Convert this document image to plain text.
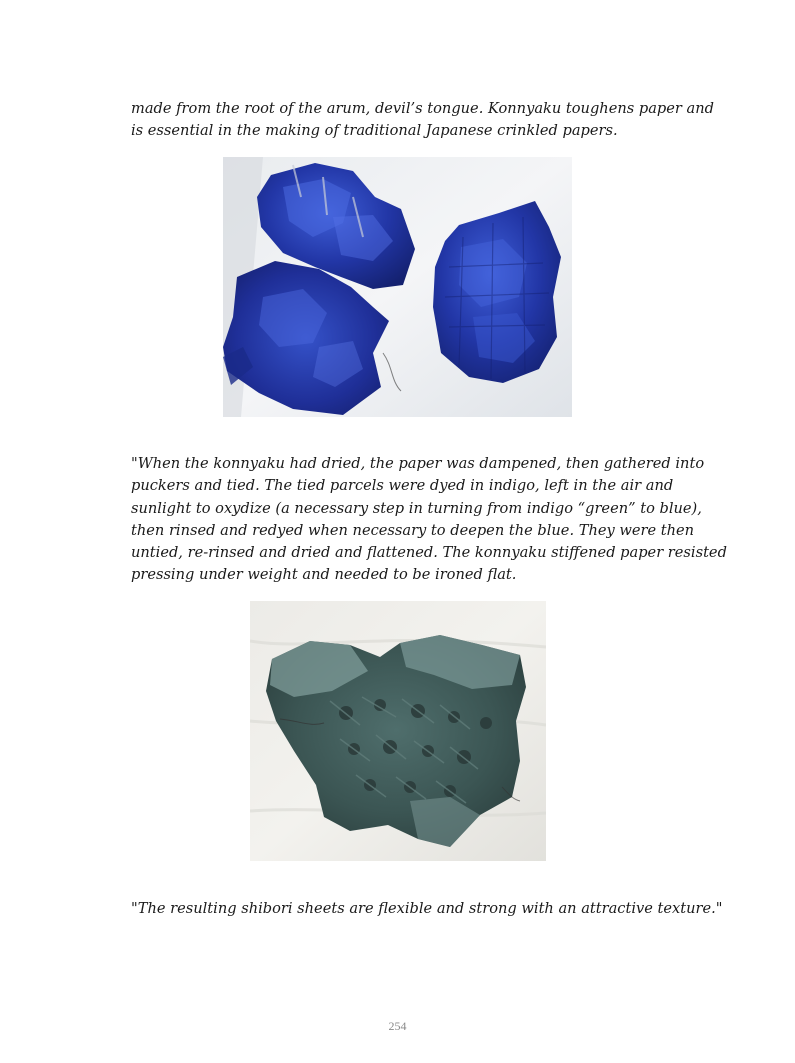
made from the root of the arum, devil’s tongue. Konnyaku toughens paper and
is essential in the making of traditional Japanese crinkled papers.

"When the konnyaku had dried, the paper was dampened, then gathered into
puckers and tied. The tied parcels were dyed in indigo, left in the air and
sunlight to oxydize (a necessary step in turning from indigo “green” to blue),
then rinsed and redyed when necessary to deepen the blue. They were then
untied, re-rinsed and dried and flattened. The konnyaku stiffened paper resisted
pressing under weight and needed to be ironed flat.

"The resulting shibori sheets are flexible and strong with an attractive texture."

254
